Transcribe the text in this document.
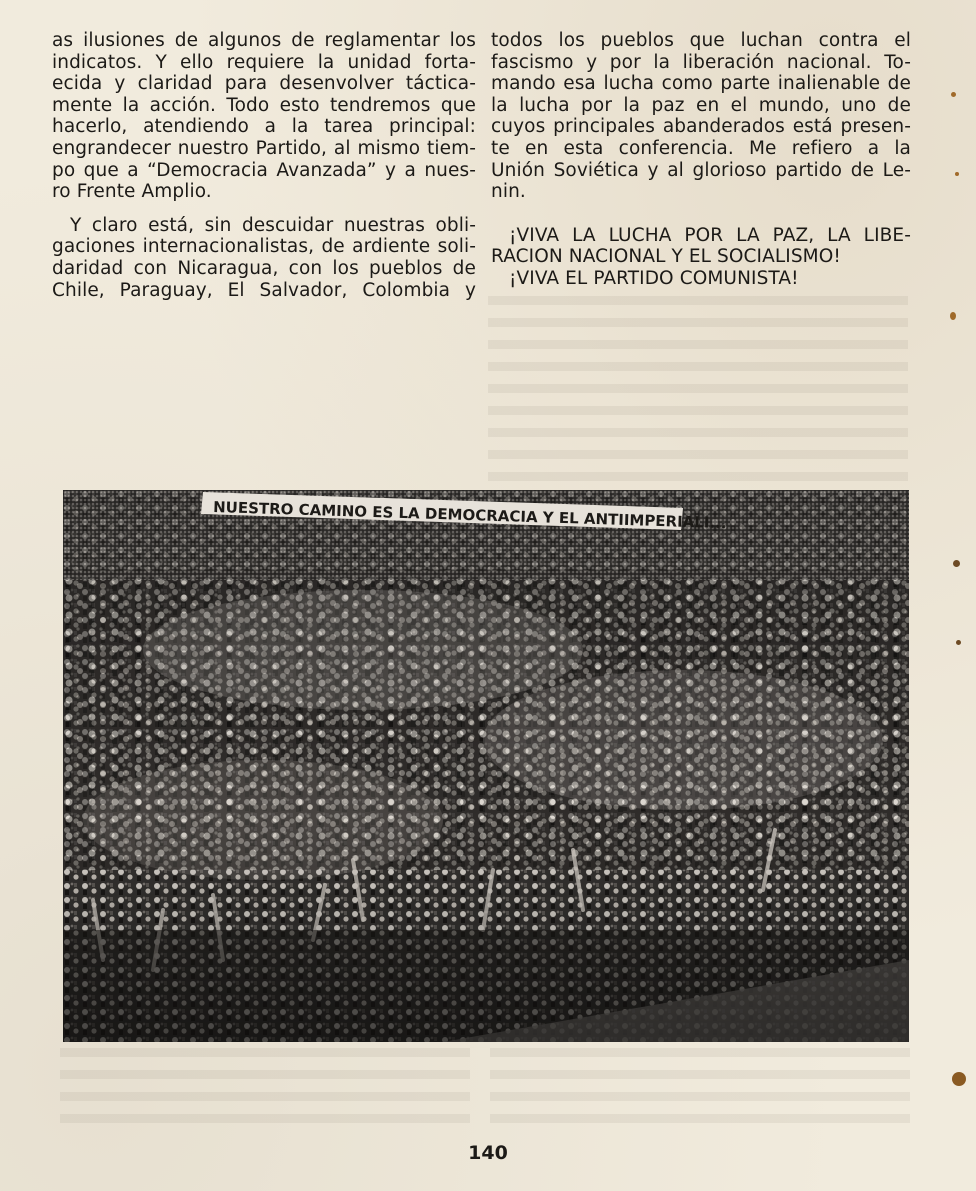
as ilusiones de algunos de reglamentar los
indicatos. Y ello requiere la unidad forta-
ecida y claridad para desenvolver táctica-
mente la acción. Todo esto tendremos que
hacerlo, atendiendo a la tarea principal:
engrandecer nuestro Partido, al mismo tiem-
po que a “Democracia Avanzada” y a nues-
ro Frente Amplio.

Y claro está, sin descuidar nuestras obli-
gaciones internacionalistas, de ardiente soli-
daridad con Nicaragua, con los pueblos de
Chile, Paraguay, El Salvador, Colombia y

todos los pueblos que luchan contra el
fascismo y por la liberación nacional. To-
mando esa lucha como parte inalienable de
la lucha por la paz en el mundo, uno de
cuyos principales abanderados está presen-
te en esta conferencia. Me refiero a la
Unión Soviética y al glorioso partido de Le-
nin.

¡VIVA LA LUCHA POR LA PAZ, LA LIBE-
RACION NACIONAL Y EL SOCIALISMO!
¡VIVA EL PARTIDO COMUNISTA!

NUESTRO CAMINO ES LA DEMOCRACIA Y EL ANTIIMPERIALI...
140
